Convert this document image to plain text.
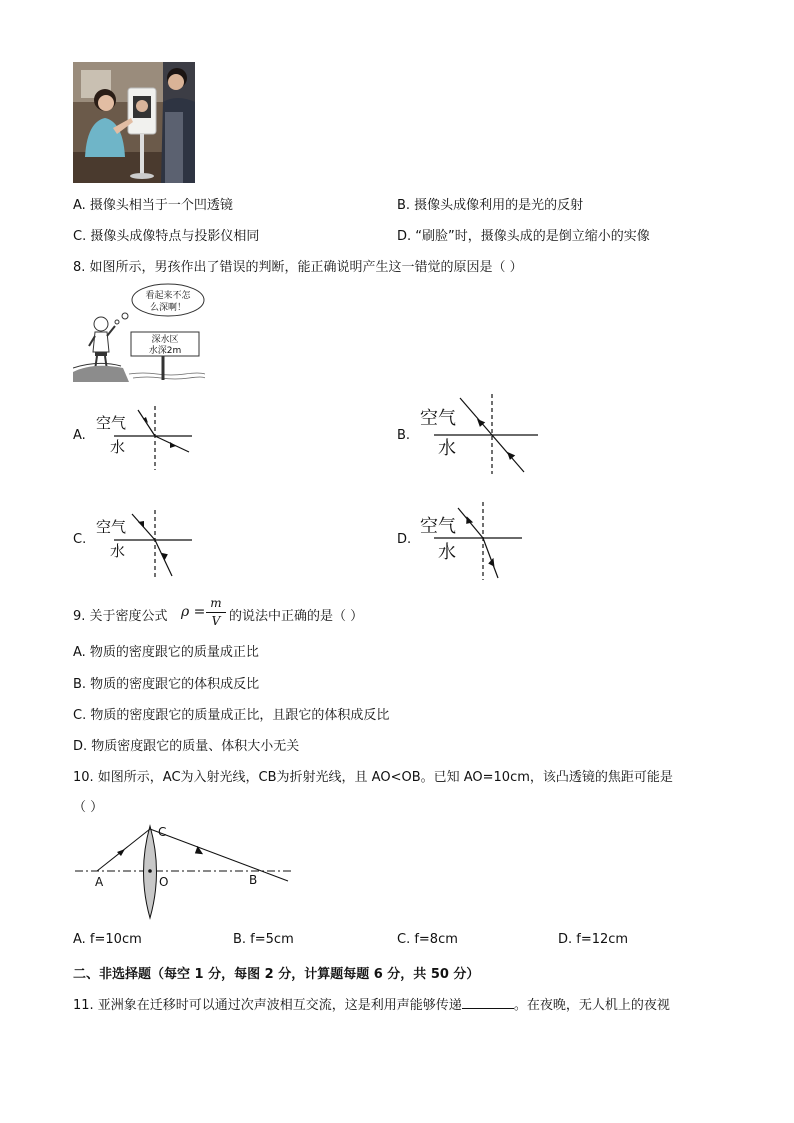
A. 摄像头相当于一个凹透镜	B. 摄像头成像利用的是光的反射
C. 摄像头成像特点与投影仪相同	D. “刷脸”时，摄像头成的是倒立缩小的实像
8. 如图所示，男孩作出了错误的判断，能正确说明产生这一错觉的原因是（ ）
看起来不怎
么深啊！
深水区
水深2m
A.
空气
水
B.
空气
水
C.
空气
水
D.
空气
水
9. 关于密度公式 ρ =
m
V 的说法中正确的是（ ）
A. 物质的密度跟它的质量成正比
B. 物质的密度跟它的体积成反比
C. 物质的密度跟它的质量成正比，且跟它的体积成反比
D. 物质密度跟它的质量、体积大小无关
10. 如图所示，AC为入射光线，CB为折射光线，且 AO<OB。已知 AO=10cm，该凸透镜的焦距可能是
（ ）
C
A	O	B
A. f=10cm	B. f=5cm	C. f=8cm	D. f=12cm
二、非选择题（每空 1 分，每图 2 分，计算题每题 6 分，共 50 分）
11. 亚洲象在迁移时可以通过次声波相互交流，这是利用声能够传递	。在夜晚，无人机上的夜视
